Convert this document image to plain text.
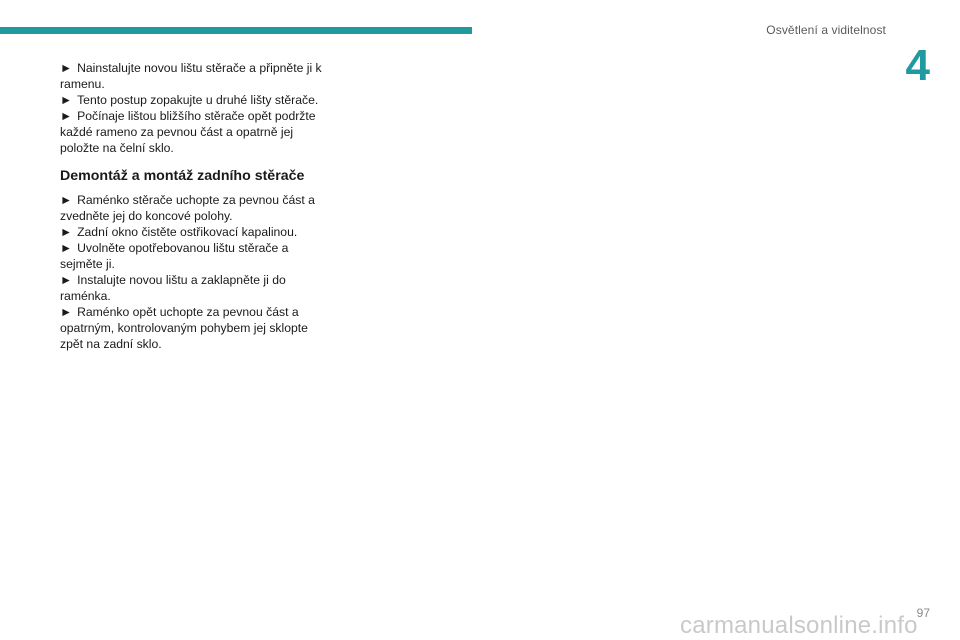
Osvětlení a viditelnost
4

► Nainstalujte novou lištu stěrače a připněte ji k ramenu.

► Tento postup zopakujte u druhé lišty stěrače.

► Počínaje lištou bližšího stěrače opět podržte každé rameno za pevnou část a opatrně jej položte na čelní sklo.

Demontáž a montáž zadního stěrače

► Raménko stěrače uchopte za pevnou část a zvedněte jej do koncové polohy.

► Zadní okno čistěte ostřikovací kapalinou.

► Uvolněte opotřebovanou lištu stěrače a sejměte ji.

► Instalujte novou lištu a zaklapněte ji do raménka.

► Raménko opět uchopte za pevnou část a opatrným, kontrolovaným pohybem jej sklopte zpět na zadní sklo.

97
carmanualsonline.info
